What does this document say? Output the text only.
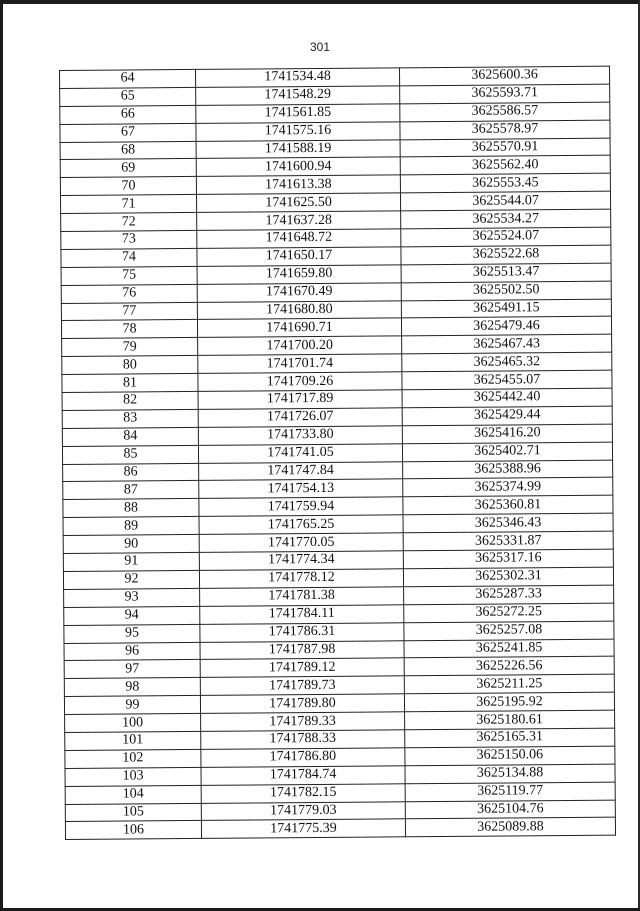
301
64	1741534.48	3625600.36
65	1741548.29	3625593.71
66	1741561.85	3625586.57
67	1741575.16	3625578.97
68	1741588.19	3625570.91
69	1741600.94	3625562.40
70	1741613.38	3625553.45
71	1741625.50	3625544.07
72	1741637.28	3625534.27
73	1741648.72	3625524.07
74	1741650.17	3625522.68
75	1741659.80	3625513.47
76	1741670.49	3625502.50
77	1741680.80	3625491.15
78	1741690.71	3625479.46
79	1741700.20	3625467.43
80	1741701.74	3625465.32
81	1741709.26	3625455.07
82	1741717.89	3625442.40
83	1741726.07	3625429.44
84	1741733.80	3625416.20
85	1741741.05	3625402.71
86	1741747.84	3625388.96
87	1741754.13	3625374.99
88	1741759.94	3625360.81
89	1741765.25	3625346.43
90	1741770.05	3625331.87
91	1741774.34	3625317.16
92	1741778.12	3625302.31
93	1741781.38	3625287.33
94	1741784.11	3625272.25
95	1741786.31	3625257.08
96	1741787.98	3625241.85
97	1741789.12	3625226.56
98	1741789.73	3625211.25
99	1741789.80	3625195.92
100	1741789.33	3625180.61
101	1741788.33	3625165.31
102	1741786.80	3625150.06
103	1741784.74	3625134.88
104	1741782.15	3625119.77
105	1741779.03	3625104.76
106	1741775.39	3625089.88
